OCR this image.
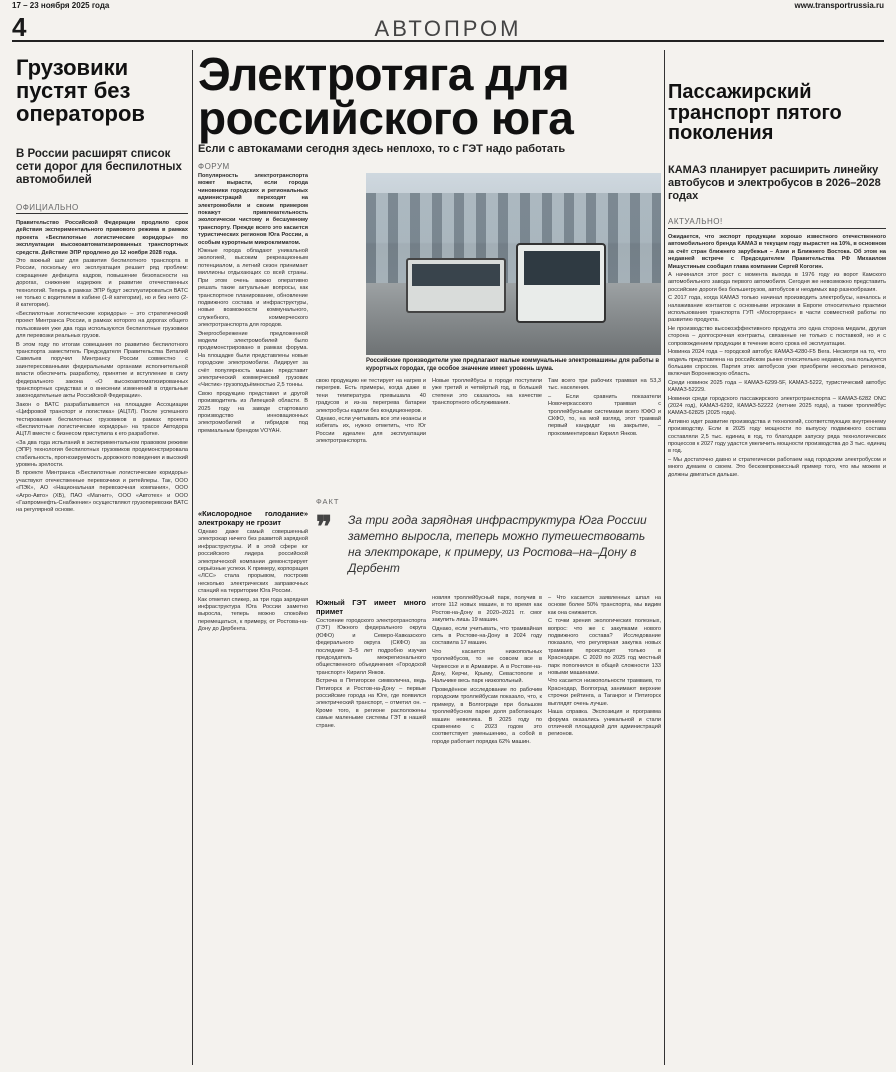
17 – 23 ноября 2025 года	www.transportrussia.ru
4	АВТОПРОМ
Грузовики пустят без операторов
В России расширят список сети дорог для беспилотных автомобилей
ОФИЦИАЛЬНО

Правительство Российской Федерации продлило срок действия экспериментального правового режима в рамках проекта «Беспилотные логистические коридоры» по эксплуатации высокоавтоматизированных транспортных средств. Действие ЭПР продлено до 12 ноября 2028 года.

Это важный шаг для развития беспилотного транспорта в России, поскольку его эксплуатация решает ряд проблем: сокращение дефицита кадров, повышение безопасности на дорогах, снижение издержек и развитие отечественных технологий. Теперь в рамках ЭПР будут эксплуатироваться ВАТС не только с водителем в кабине (1-й категории), но и без него (2-й категории).

«Беспилотные логистические коридоры» – это стратегический проект Минтранса России, в рамках которого на дорогах общего пользования уже два года используются беспилотные грузовики для перевозки реальных грузов.

В этом году по итогам совещания по развитию беспилотного транспорта заместитель Председателя Правительства Виталий Савельев поручил Минтрансу России совместно с заинтересованными федеральными органами исполнительной власти обеспечить разработку, принятие и вступление в силу федерального закона «О высокоавтоматизированных транспортных средствах и о внесении изменений в отдельные законодательные акты Российской Федерации».

Закон о ВАТС разрабатывается на площадке Ассоциации «Цифровой транспорт и логистика» (АЦТЛ). После успешного тестирования беспилотных грузовиков в рамках проекта «Беспилотные логистические коридоры» на трассе Автодора АЦТЛ вместе с бизнесом приступила к его разработке.

«За два года испытаний в экспериментальном правовом режиме (ЭПР) технология беспилотных грузовиков продемонстрировала стабильность, прогнозируемость дорожного поведения и высокий уровень зрелости.

В проекте Минтранса «Беспилотные логистические коридоры» участвуют отечественные перевозчики и ритейлеры. Так, ООО «ПЭК», АО «Национальная перевозочная компания», ООО «Агро-Авто» (ХБ), ПАО «Магнит», ООО «Автотех» и ООО «Газпромнефть-Снабжение» осуществляют грузоперевозки ВАТС на регулярной основе.

Электротяга для российского юга
Если с автокамами сегодня здесь неплохо, то с ГЭТ надо работать
ФОРУМ

Популярность электротранспорта может вырасти, если города чиновники городских и региональных администраций переходят на электромобили и своим примером покажут привлекательность экологически чистому и бесшумному транспорту. Прежде всего это касается туристических регионов Юга России, а особым курортным микроклиматом.

Южные города обладают уникальной экологией, высоким рекреационным потенциалом, а летний сезон принимает миллионы отдыхающих со всей страны. При этом очень важно оперативно решать такие актуальные вопросы, как транспортное планирование, обновление подвижного состава и инфраструктуры, новые возможности коммунального, служебного, коммерческого электротранспорта для городов.

Энергосбережение предложенной модели электромобилей было продемонстрировано в рамках форума. На площадке были представлены новые городские электромобили. Лидирует за счёт популярность машин представит электрический коммерческий грузовик «Чистик» грузоподъёмностью 2,5 тонны.

Свою продукцию представил и другой производитель из Липецкой области. В 2025 году на заводе стартовало производство инновационных электромобилей и гибридов под премиальным брендом VOYAH.

«Кислородное голодание» электрокару не грозит

Однако даже самый совершенный электрокар ничего без развитой зарядной инфраструктуры. И в этой сфере юг российского лидера российской электрической компании демонстрирует серьёзные успехи. К примеру, корпорация «ЛСС» стала прорывом, построив несколько электрических заправочных станций на территории Юга России.

Как отметил спикер, за три года зарядная инфраструктура Юга России заметно выросла, теперь можно спокойно перемещаться, к примеру, от Ростова-на-Дону до Дербента.

Российские производители уже предлагают малые коммунальные электромашины для работы в курортных городах, где особое значение имеет уровень шума.

свою продукцию не тестирует на нагрев и перегрев. Есть примеры, когда даже в тени температура превышала 40 градусов и из-за перегрева батареи электробусы ездили без кондиционеров.

Однако, если учитывать все эти нюансы и избегать их, нужно отметить, что Юг России идеален для эксплуатации электротранспорта.

Новые троллейбусы в городе поступили уже третий и четвёртый год, в большей степени это сказалось на качестве транспортного обслуживания.

Там всего три рабочих трамвая на 53,3 тыс. населения.

– Если сравнить показатели Новочеркасского трамвая с троллейбусными системами всего ЮФО и СКФО, то, на мой взгляд, этот трамвай первый кандидат на закрытие, – прокомментировал Кирилл Янков.

ФАКТ
❞ За три года зарядная инфраструктура Юга России заметно выросла, теперь можно путешествовать на электрокаре, к примеру, из Ростова–на–Дону в Дербент
Южный ГЭТ имеет много примет

Состояние городского электротранспорта (ГЭТ) Южного федерального округа (ЮФО) и Северо-Кавказского федерального округа (СКФО) за последние 3–5 лет подробно изучил председатель межрегионального общественного объединения «Городской транспорт» Кирилл Янков.

Встреча в Пятигорске символична, ведь Пятигорск и Ростов-на-Дону – первые российские города на Юге, где появился электрический транспорт, – отметил он. – Кроме того, в регионе расположены самые маленькие системы ГЭТ в нашей стране.

новляя троллейбусный парк, получив в итоге 112 новых машин, в то время как Ростов-на-Дону в 2020–2021 гг. смог закупить лишь 19 машин.

Однако, если учитывать, что трамвайная сеть в Ростове-на-Дону в 2024 году составила 17 машин.

Что касается низкопольных троллейбусов, то не совсем все в Черкесске и в Армавире. А в Ростове-на-Дону, Керчи, Крыму, Севастополе и Нальчике весь парк низкопольный.

Проведённое исследование по рабочим городским троллейбусам показало, что, к примеру, в Волгограде при большом троллейбусном парке доля работающих машин невелика. В 2025 году по сравнению с 2023 годом это соответствует уменьшению, а собой в городе работает порядка 62% машин.

– Что касается заявленных шпал на основе более 50% транспорта, мы видим как она снижается.

С точки зрения экологических полезных, вопрос: что же с закупками нового подвижного состава? Исследование показало, что регулярная закупка новых трамваев происходит только в Краснодаре. С 2020 по 2025 год местный парк пополнился в общей сложности 133 новыми машинами.

Что касается низкопольности трамваев, то Краснодар, Волгоград занимают верхние строчки рейтинга, а Таганрог и Пятигорск выглядят очень лучше.

Наша справка. Экспозиция и программа форума оказались уникальной и стали отличной площадкой для администраций регионов.

Пассажирский транспорт пятого поколения
КАМАЗ планирует расширить линейку автобусов и электробусов в 2026–2028 годах
АКТУАЛЬНО!

Ожидается, что экспорт продукции хорошо известного отечественного автомобильного бренда КАМАЗ в текущем году вырастет на 10%, в основном за счёт стран ближнего зарубежья – Азии и Ближнего Востока. Об этом на недавней встрече с Председателем Правительства РФ Михаилом Мишустиным сообщил глава компании Сергей Когогин.

А начинался этот рост с момента выхода в 1976 году из ворот Камского автомобильного завода первого автомобиля. Сегодня же невозможно представить российские дороги без большегрузов, автобусов и неодимых вар разнообразия.

С 2017 года, когда КАМАЗ только начинал производить электробусы, началось и налаживание контактов с основными игроками в Европе относительно практики использования транспорта ГУП «Мосгортранс» в части совместной работы по развитию продукта.

Не производство высокоэффективного продукта это одна сторона медали, другая сторона – долгосрочная контракты, связанные не только с поставкой, но и с сопровождением продукции в течение всего срока её эксплуатации.

Новинка 2024 года – городской автобус КАМАЗ-4280-F5 Вега. Несмотря на то, что модель представлена на российском рынке относительно недавно, она пользуется большим спросом. Партия этих автобусов уже приобрели несколько регионов, включая Воронежскую область.

Среди новинок 2025 года – КАМАЗ-6299-5F, КАМАЗ-5222, туристический автобус КАМАЗ-52229.

Новинки среди городского пассажирского электротранспорта – КАМАЗ-6282 ONC (2024 год), КАМАЗ-6292, КАМАЗ-52222 (летние 2025 года), а также троллейбус КАМАЗ-62825 (2025 года).

Активно идет развитие производства и технологий, соответствующих внутреннему производству. Если в 2025 году мощности по выпуску подвижного состава составляли 2,5 тыс. единиц в год, то благодаря запуску ряда технологических процессов к 2027 году удастся увеличить мощности производства до 3 тыс. единиц в год.

– Мы достаточно давно и стратегически работаем над городским электробусом и много думаем о своем. Это бескомпромиссный пример того, что мы можем и должны двигаться дальше.
